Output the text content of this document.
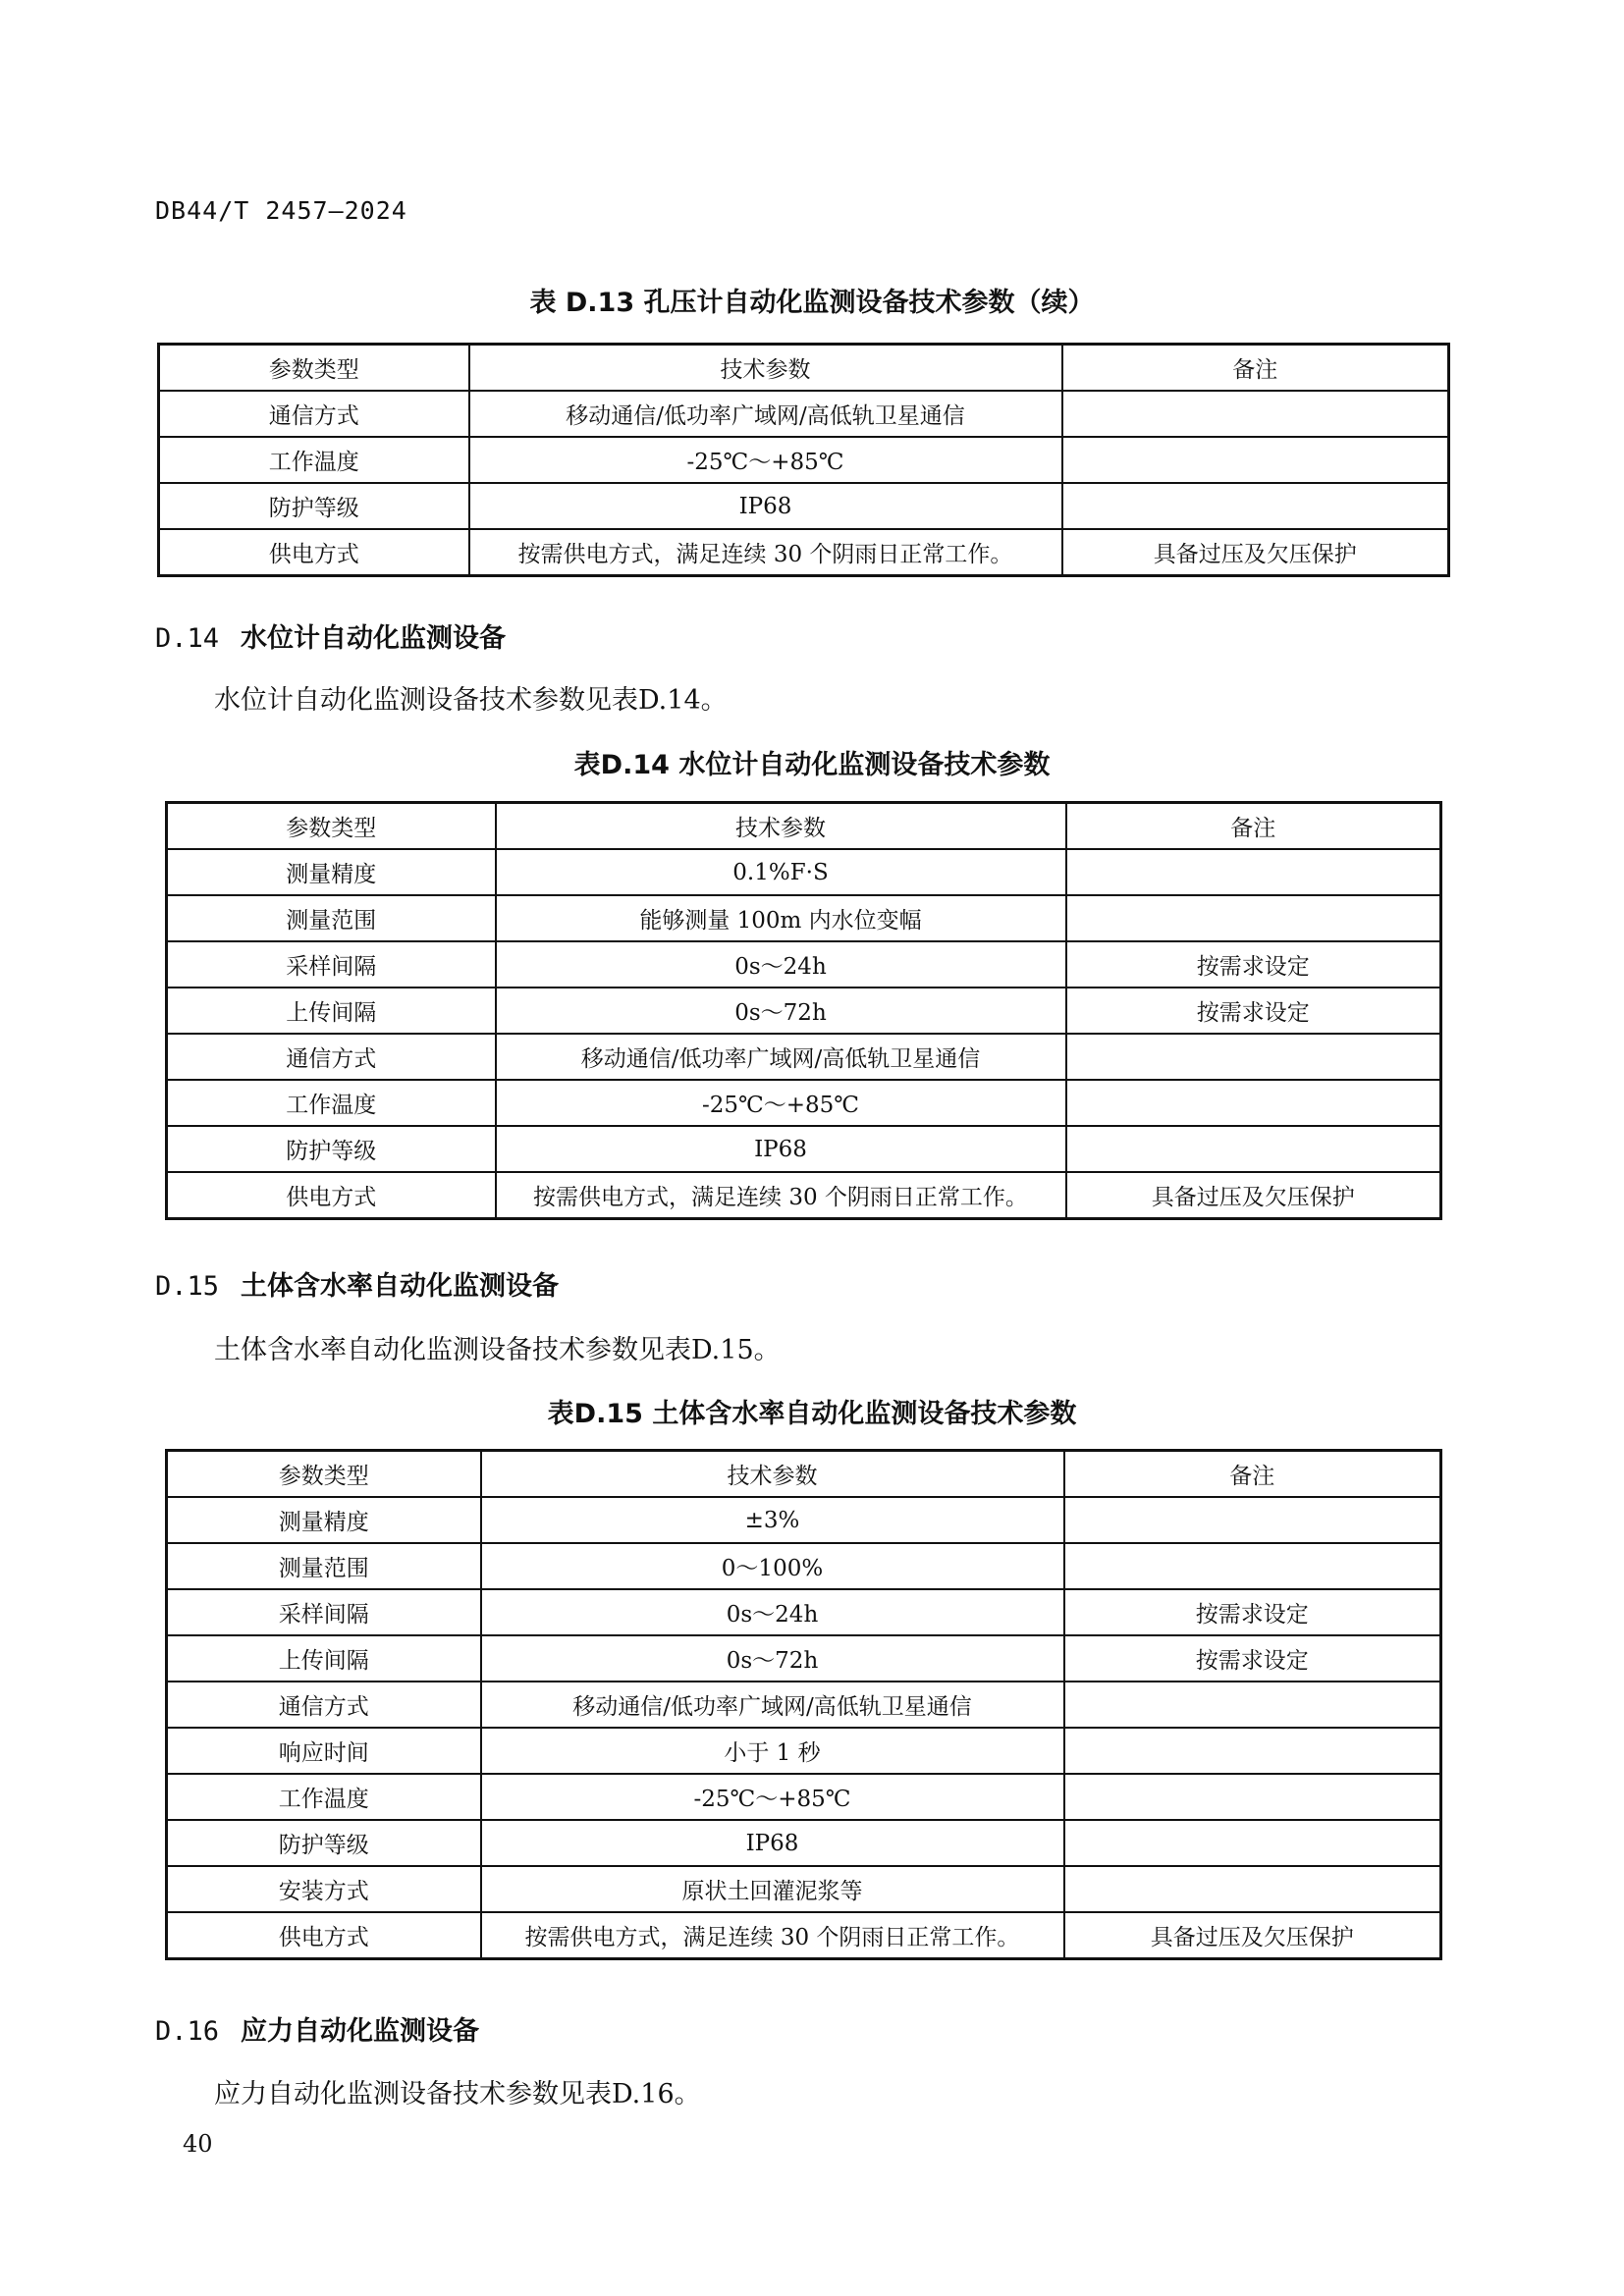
DB44/T 2457—2024
表 D.13 孔压计自动化监测设备技术参数（续）
参数类型	技术参数	备注
通信方式	移动通信/低功率广域网/高低轨卫星通信	
工作温度	-25℃～+85℃	
防护等级	IP68	
供电方式	按需供电方式，满足连续 30 个阴雨日正常工作。	具备过压及欠压保护
D.14 水位计自动化监测设备
水位计自动化监测设备技术参数见表D.14。
表D.14 水位计自动化监测设备技术参数
参数类型	技术参数	备注
测量精度	0.1%F·S	
测量范围	能够测量 100m 内水位变幅	
采样间隔	0s～24h	按需求设定
上传间隔	0s～72h	按需求设定
通信方式	移动通信/低功率广域网/高低轨卫星通信	
工作温度	-25℃～+85℃	
防护等级	IP68	
供电方式	按需供电方式，满足连续 30 个阴雨日正常工作。	具备过压及欠压保护
D.15 土体含水率自动化监测设备
土体含水率自动化监测设备技术参数见表D.15。
表D.15 土体含水率自动化监测设备技术参数
参数类型	技术参数	备注
测量精度	±3%	
测量范围	0～100%	
采样间隔	0s～24h	按需求设定
上传间隔	0s～72h	按需求设定
通信方式	移动通信/低功率广域网/高低轨卫星通信	
响应时间	小于 1 秒	
工作温度	-25℃～+85℃	
防护等级	IP68	
安装方式	原状土回灌泥浆等	
供电方式	按需供电方式，满足连续 30 个阴雨日正常工作。	具备过压及欠压保护
D.16 应力自动化监测设备
应力自动化监测设备技术参数见表D.16。
40
